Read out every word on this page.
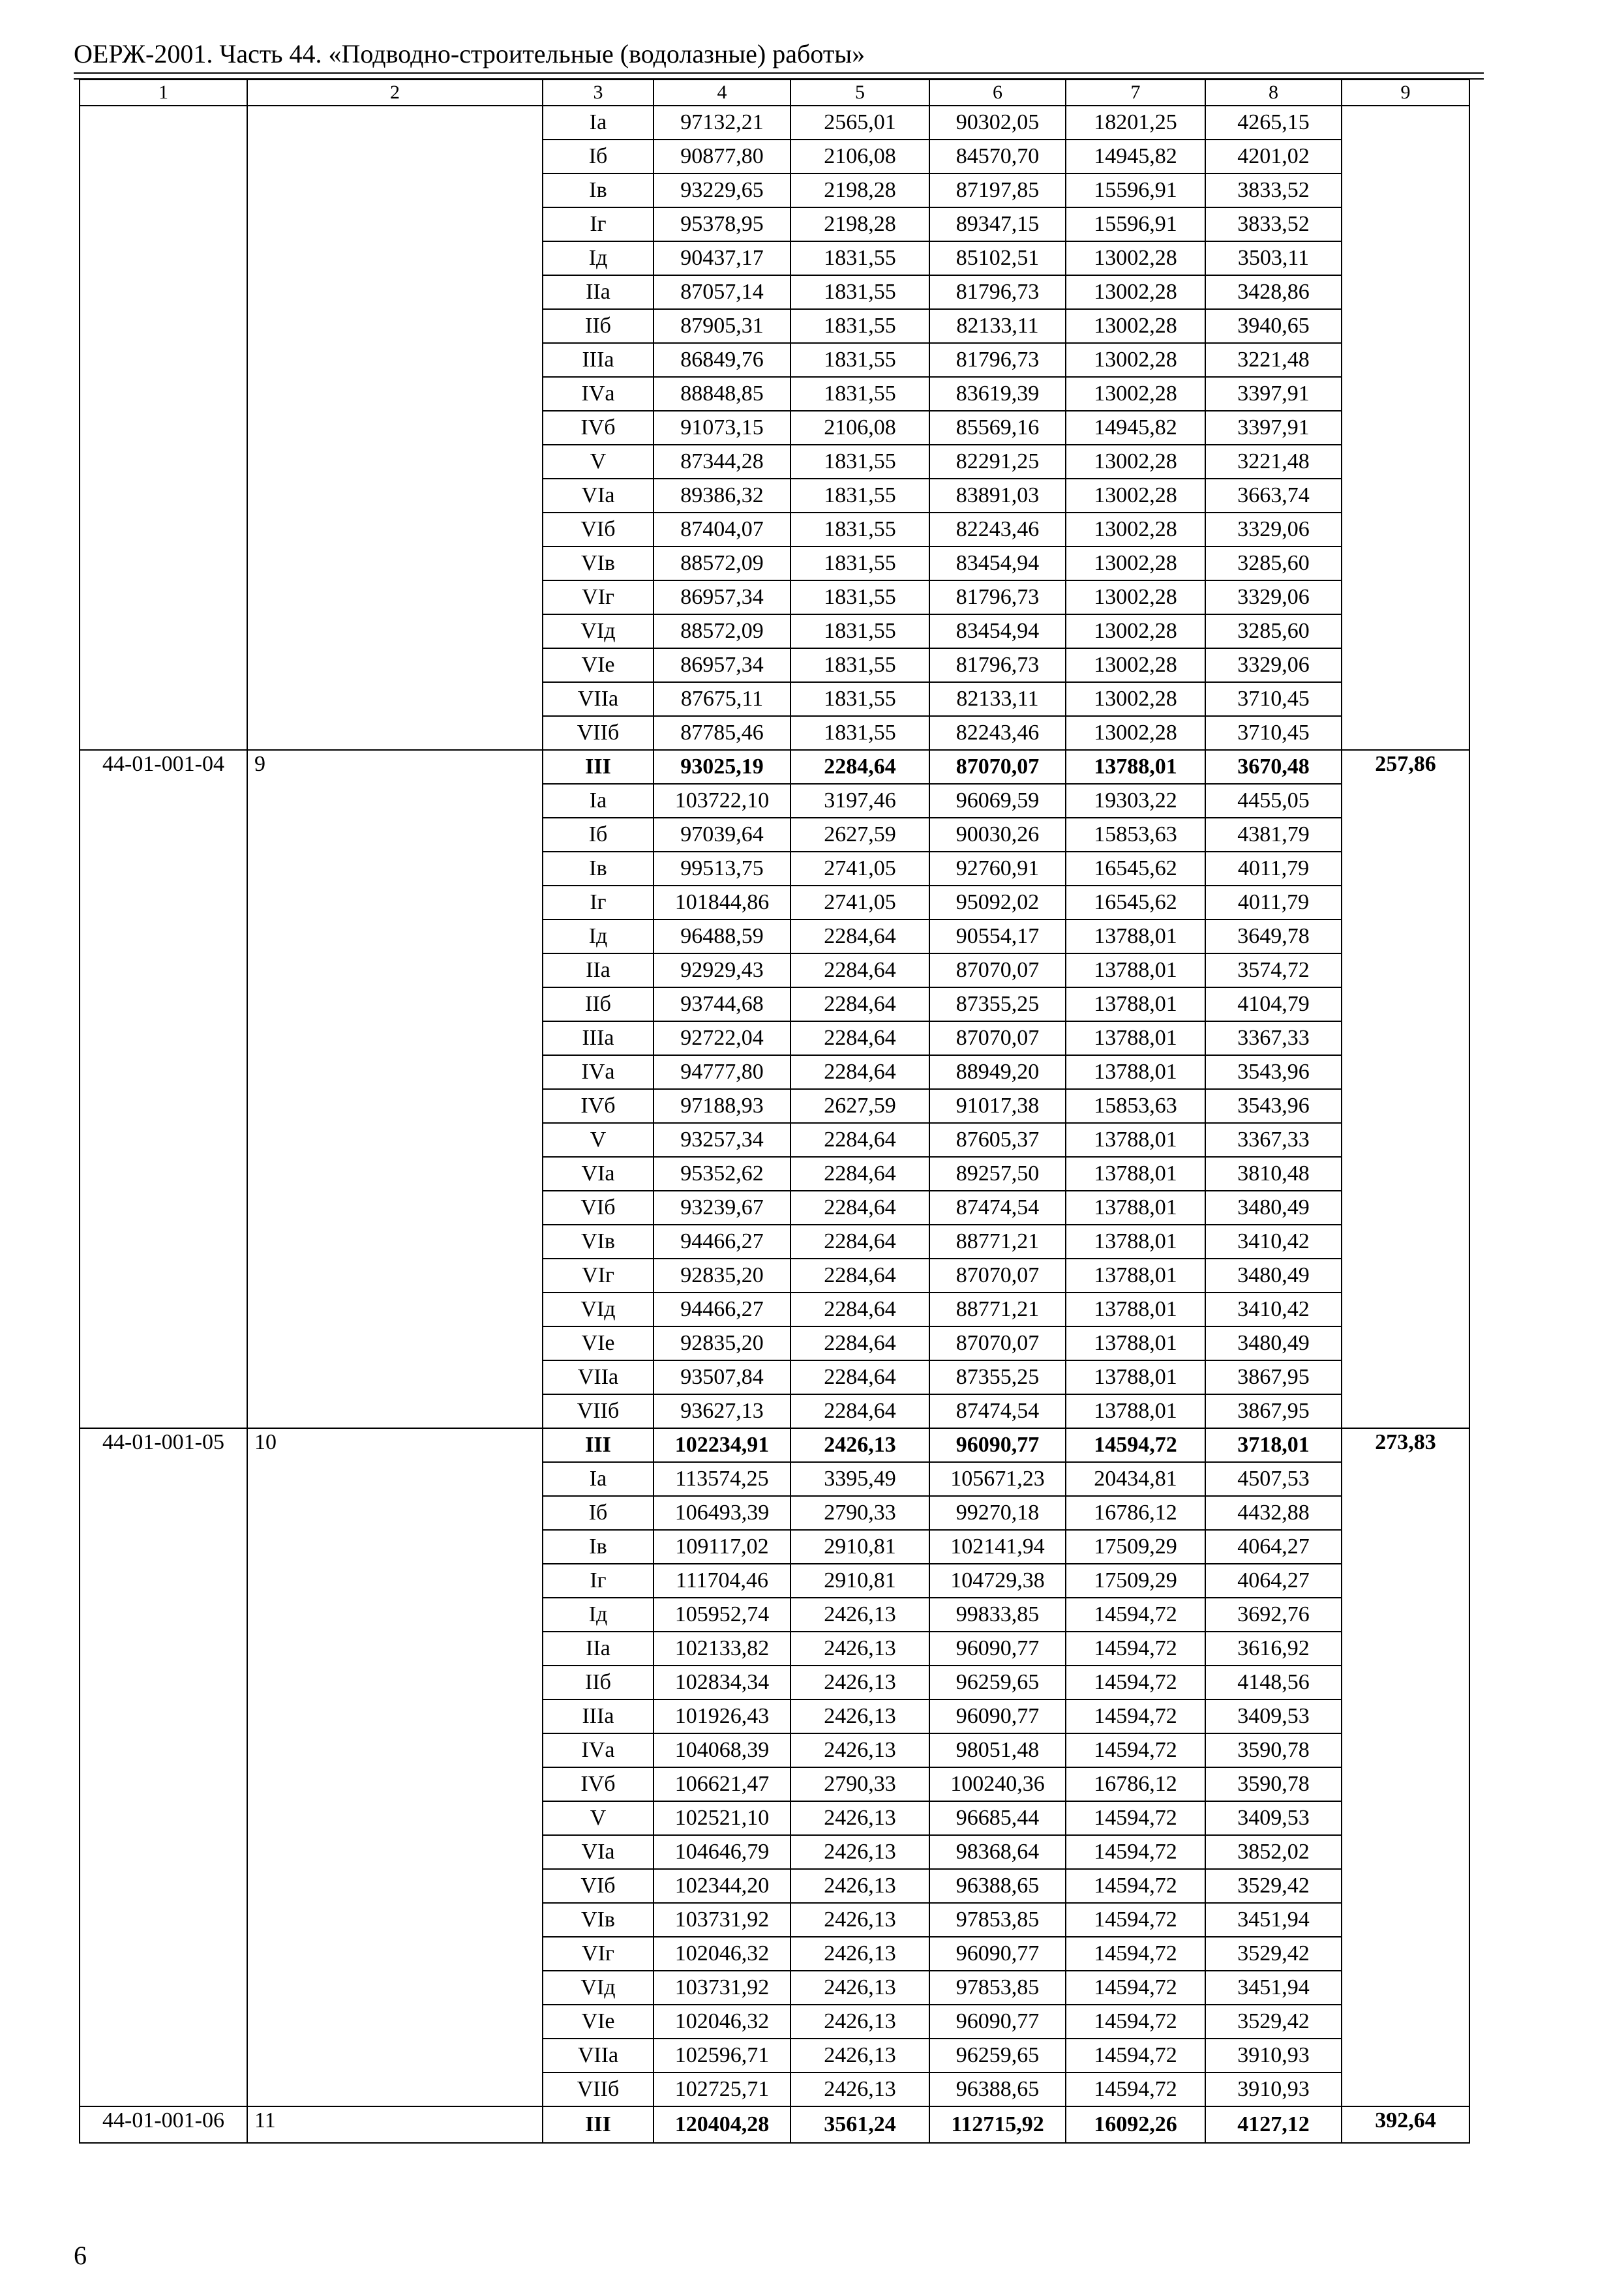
ОЕРЖ-2001. Часть 44. «Подводно-строительные (водолазные) работы»
1	2	3	4	5	6	7	8	9
		Iа	97132,21	2565,01	90302,05	18201,25	4265,15	
		Iб	90877,80	2106,08	84570,70	14945,82	4201,02	
		Iв	93229,65	2198,28	87197,85	15596,91	3833,52	
		Iг	95378,95	2198,28	89347,15	15596,91	3833,52	
		Iд	90437,17	1831,55	85102,51	13002,28	3503,11	
		IIа	87057,14	1831,55	81796,73	13002,28	3428,86	
		IIб	87905,31	1831,55	82133,11	13002,28	3940,65	
		IIIа	86849,76	1831,55	81796,73	13002,28	3221,48	
		IVа	88848,85	1831,55	83619,39	13002,28	3397,91	
		IVб	91073,15	2106,08	85569,16	14945,82	3397,91	
		V	87344,28	1831,55	82291,25	13002,28	3221,48	
		VIа	89386,32	1831,55	83891,03	13002,28	3663,74	
		VIб	87404,07	1831,55	82243,46	13002,28	3329,06	
		VIв	88572,09	1831,55	83454,94	13002,28	3285,60	
		VIг	86957,34	1831,55	81796,73	13002,28	3329,06	
		VIд	88572,09	1831,55	83454,94	13002,28	3285,60	
		VIе	86957,34	1831,55	81796,73	13002,28	3329,06	
		VIIа	87675,11	1831,55	82133,11	13002,28	3710,45	
		VIIб	87785,46	1831,55	82243,46	13002,28	3710,45	
44-01-001-04	9	III	93025,19	2284,64	87070,07	13788,01	3670,48	257,86
		Iа	103722,10	3197,46	96069,59	19303,22	4455,05	
		Iб	97039,64	2627,59	90030,26	15853,63	4381,79	
		Iв	99513,75	2741,05	92760,91	16545,62	4011,79	
		Iг	101844,86	2741,05	95092,02	16545,62	4011,79	
		Iд	96488,59	2284,64	90554,17	13788,01	3649,78	
		IIа	92929,43	2284,64	87070,07	13788,01	3574,72	
		IIб	93744,68	2284,64	87355,25	13788,01	4104,79	
		IIIа	92722,04	2284,64	87070,07	13788,01	3367,33	
		IVа	94777,80	2284,64	88949,20	13788,01	3543,96	
		IVб	97188,93	2627,59	91017,38	15853,63	3543,96	
		V	93257,34	2284,64	87605,37	13788,01	3367,33	
		VIа	95352,62	2284,64	89257,50	13788,01	3810,48	
		VIб	93239,67	2284,64	87474,54	13788,01	3480,49	
		VIв	94466,27	2284,64	88771,21	13788,01	3410,42	
		VIг	92835,20	2284,64	87070,07	13788,01	3480,49	
		VIд	94466,27	2284,64	88771,21	13788,01	3410,42	
		VIе	92835,20	2284,64	87070,07	13788,01	3480,49	
		VIIа	93507,84	2284,64	87355,25	13788,01	3867,95	
		VIIб	93627,13	2284,64	87474,54	13788,01	3867,95	
44-01-001-05	10	III	102234,91	2426,13	96090,77	14594,72	3718,01	273,83
		Iа	113574,25	3395,49	105671,23	20434,81	4507,53	
		Iб	106493,39	2790,33	99270,18	16786,12	4432,88	
		Iв	109117,02	2910,81	102141,94	17509,29	4064,27	
		Iг	111704,46	2910,81	104729,38	17509,29	4064,27	
		Iд	105952,74	2426,13	99833,85	14594,72	3692,76	
		IIа	102133,82	2426,13	96090,77	14594,72	3616,92	
		IIб	102834,34	2426,13	96259,65	14594,72	4148,56	
		IIIа	101926,43	2426,13	96090,77	14594,72	3409,53	
		IVа	104068,39	2426,13	98051,48	14594,72	3590,78	
		IVб	106621,47	2790,33	100240,36	16786,12	3590,78	
		V	102521,10	2426,13	96685,44	14594,72	3409,53	
		VIа	104646,79	2426,13	98368,64	14594,72	3852,02	
		VIб	102344,20	2426,13	96388,65	14594,72	3529,42	
		VIв	103731,92	2426,13	97853,85	14594,72	3451,94	
		VIг	102046,32	2426,13	96090,77	14594,72	3529,42	
		VIд	103731,92	2426,13	97853,85	14594,72	3451,94	
		VIе	102046,32	2426,13	96090,77	14594,72	3529,42	
		VIIа	102596,71	2426,13	96259,65	14594,72	3910,93	
		VIIб	102725,71	2426,13	96388,65	14594,72	3910,93	
44-01-001-06	11	III	120404,28	3561,24	112715,92	16092,26	4127,12	392,64
6
